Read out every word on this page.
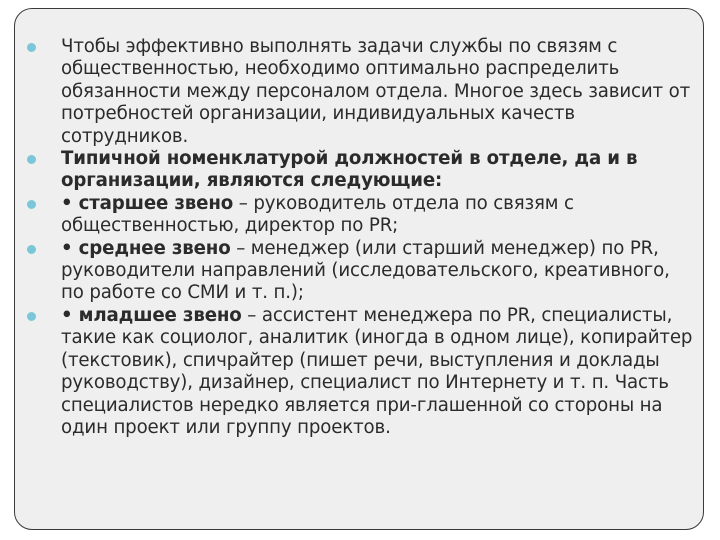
Чтобы эффективно выполнять задачи службы по связям с общественностью, необходимо оптимально распределить обязанности между персоналом отдела. Многое здесь зависит от потребностей организации, индивидуальных качеств сотрудников.
Типичной номенклатурой должностей в отделе, да и в организации, являются следующие:
• старшее звено – руководитель отдела по связям с общественностью, директор по PR;
• среднее звено – менеджер (или старший менеджер) по PR, руководители направлений (исследовательского, креативного, по работе со СМИ и т. п.);
• младшее звено – ассистент менеджера по PR, специалисты, такие как социолог, аналитик (иногда в одном лице), копирайтер (текстовик), спичрайтер (пишет речи, выступления и доклады руководству), дизайнер, специалист по Интернету и т. п. Часть специалистов нередко является при-глашенной со стороны на один проект или группу проектов.
